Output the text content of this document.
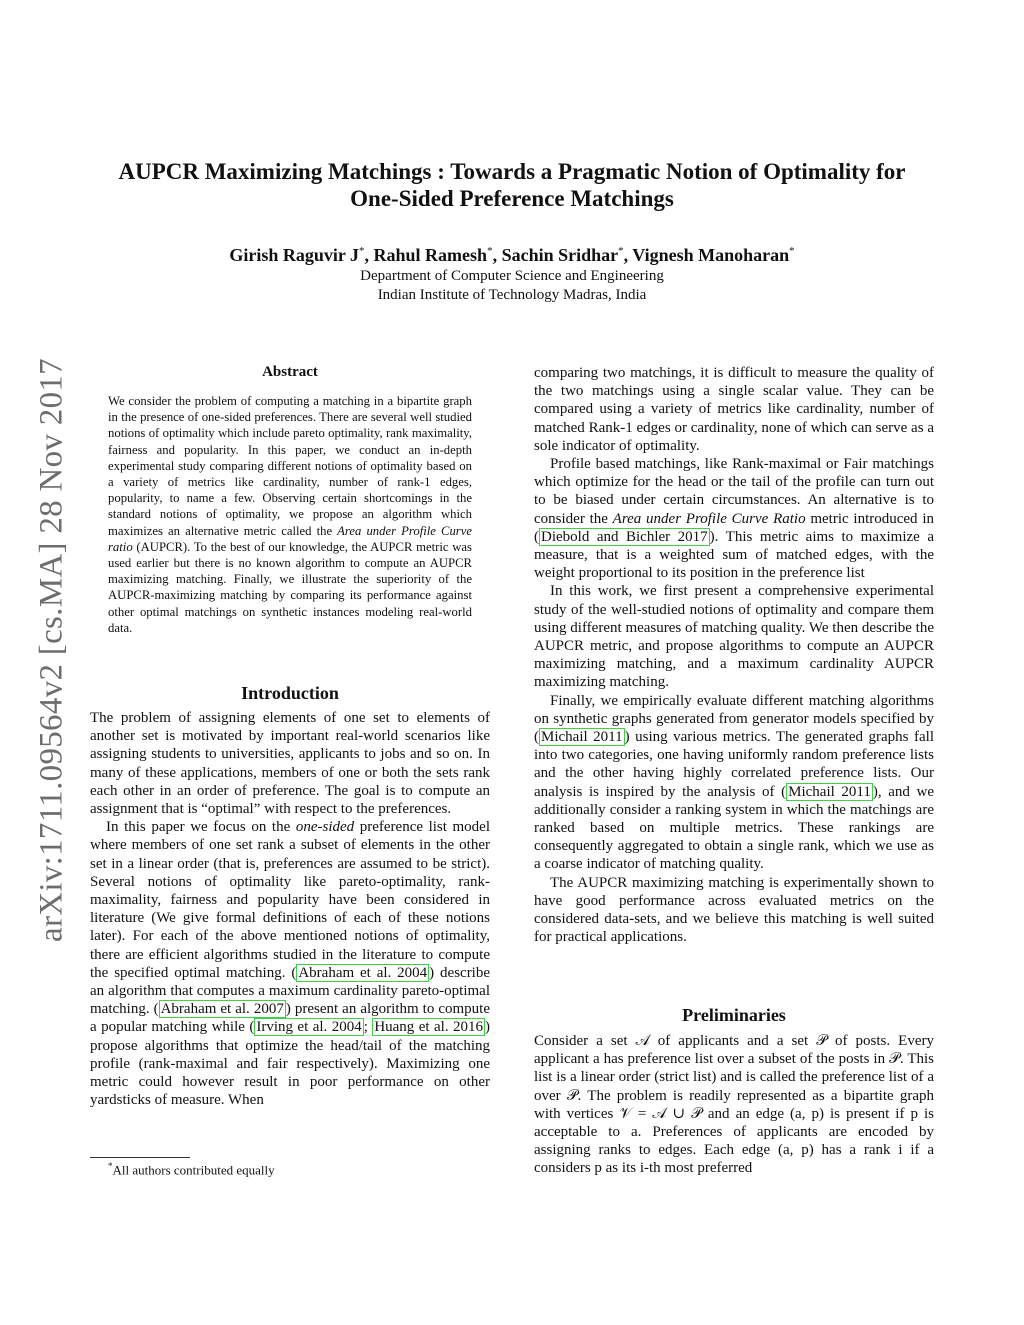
arXiv:1711.09564v2 [cs.MA] 28 Nov 2017
AUPCR Maximizing Matchings : Towards a Pragmatic Notion of Optimality for
One-Sided Preference Matchings
Girish Raguvir J*, Rahul Ramesh*, Sachin Sridhar*, Vignesh Manoharan*
Department of Computer Science and Engineering
Indian Institute of Technology Madras, India
Abstract
We consider the problem of computing a matching in a bipartite graph in the presence of one-sided preferences. There are several well studied notions of optimality which include pareto optimality, rank maximality, fairness and popularity. In this paper, we conduct an in-depth experimental study comparing different notions of optimality based on a variety of metrics like cardinality, number of rank-1 edges, popularity, to name a few. Observing certain shortcomings in the standard notions of optimality, we propose an algorithm which maximizes an alternative metric called the Area under Profile Curve ratio (AUPCR). To the best of our knowledge, the AUPCR metric was used earlier but there is no known algorithm to compute an AUPCR maximizing matching. Finally, we illustrate the superiority of the AUPCR-maximizing matching by comparing its performance against other optimal matchings on synthetic instances modeling real-world data.
Introduction

The problem of assigning elements of one set to elements of another set is motivated by important real-world scenarios like assigning students to universities, applicants to jobs and so on. In many of these applications, members of one or both the sets rank each other in an order of preference. The goal is to compute an assignment that is “optimal” with respect to the preferences.

In this paper we focus on the one-sided preference list model where members of one set rank a subset of elements in the other set in a linear order (that is, preferences are assumed to be strict). Several notions of optimality like pareto-optimality, rank-maximality, fairness and popularity have been considered in literature (We give formal definitions of each of these notions later). For each of the above mentioned notions of optimality, there are efficient algorithms studied in the literature to compute the specified optimal matching. ( Abraham et al. 2004 ) describe an algorithm that computes a maximum cardinality pareto-optimal matching. ( Abraham et al. 2007 ) present an algorithm to compute a popular matching while ( Irving et al. 2004 ; Huang et al. 2016 ) propose algorithms that optimize the head/tail of the matching profile (rank-maximal and fair respectively). Maximizing one metric could however result in poor performance on other yardsticks of measure. When

*All authors contributed equally

comparing two matchings, it is difficult to measure the quality of the two matchings using a single scalar value. They can be compared using a variety of metrics like cardinality, number of matched Rank-1 edges or cardinality, none of which can serve as a sole indicator of optimality.

Profile based matchings, like Rank-maximal or Fair matchings which optimize for the head or the tail of the profile can turn out to be biased under certain circumstances. An alternative is to consider the Area under Profile Curve Ratio metric introduced in ( Diebold and Bichler 2017 ). This metric aims to maximize a measure, that is a weighted sum of matched edges, with the weight proportional to its position in the preference list

In this work, we first present a comprehensive experimental study of the well-studied notions of optimality and compare them using different measures of matching quality. We then describe the AUPCR metric, and propose algorithms to compute an AUPCR maximizing matching, and a maximum cardinality AUPCR maximizing matching.

Finally, we empirically evaluate different matching algorithms on synthetic graphs generated from generator models specified by ( Michail 2011 ) using various metrics. The generated graphs fall into two categories, one having uniformly random preference lists and the other having highly correlated preference lists. Our analysis is inspired by the analysis of ( Michail 2011 ), and we additionally consider a ranking system in which the matchings are ranked based on multiple metrics. These rankings are consequently aggregated to obtain a single rank, which we use as a coarse indicator of matching quality.

The AUPCR maximizing matching is experimentally shown to have good performance across evaluated metrics on the considered data-sets, and we believe this matching is well suited for practical applications.

Preliminaries

Consider a set 𝒜 of applicants and a set 𝒫 of posts. Every applicant a has preference list over a subset of the posts in 𝒫. This list is a linear order (strict list) and is called the preference list of a over 𝒫. The problem is readily represented as a bipartite graph with vertices 𝒱 = 𝒜 ∪ 𝒫 and an edge (a, p) is present if p is acceptable to a. Preferences of applicants are encoded by assigning ranks to edges. Each edge (a, p) has a rank i if a considers p as its i-th most preferred
